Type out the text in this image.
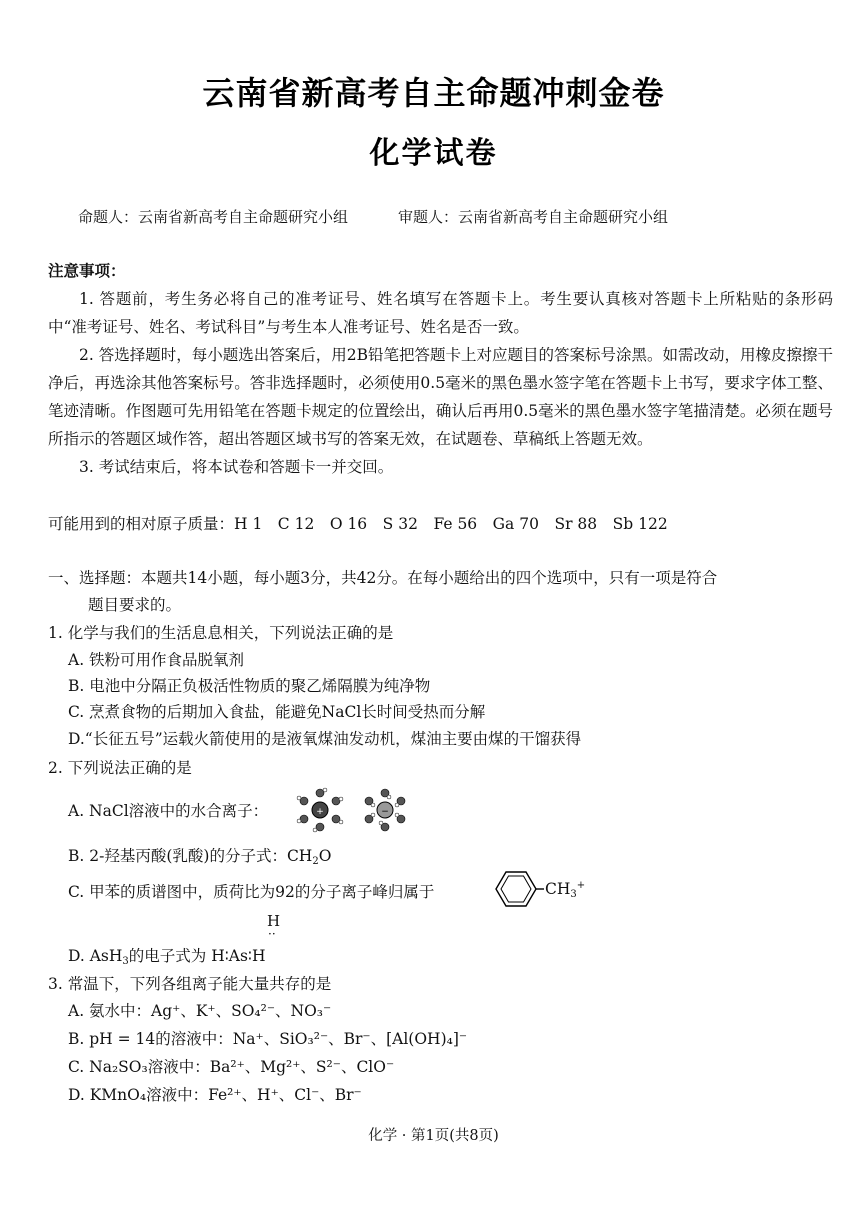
云南省新高考自主命题冲刺金卷
化学试卷
命题人：云南省新高考自主命题研究小组	审题人：云南省新高考自主命题研究小组
注意事项：
1. 答题前，考生务必将自己的准考证号、姓名填写在答题卡上。考生要认真核对答题卡上所粘贴的条形码中“准考证号、姓名、考试科目”与考生本人准考证号、姓名是否一致。
2. 答选择题时，每小题选出答案后，用2B铅笔把答题卡上对应题目的答案标号涂黑。如需改动，用橡皮擦擦干净后，再选涂其他答案标号。答非选择题时，必须使用0.5毫米的黑色墨水签字笔在答题卡上书写，要求字体工整、笔迹清晰。作图题可先用铅笔在答题卡规定的位置绘出，确认后再用0.5毫米的黑色墨水签字笔描清楚。必须在题号所指示的答题区域作答，超出答题区域书写的答案无效，在试题卷、草稿纸上答题无效。
3. 考试结束后，将本试卷和答题卡一并交回。
可能用到的相对原子质量：H 1　C 12　O 16　S 32　Fe 56　Ga 70　Sr 88　Sb 122
一、选择题：本题共14小题，每小题3分，共42分。在每小题给出的四个选项中，只有一项是符合
题目要求的。
1. 化学与我们的生活息息相关，下列说法正确的是
A. 铁粉可用作食品脱氧剂
B. 电池中分隔正负极活性物质的聚乙烯隔膜为纯净物
C. 烹煮食物的后期加入食盐，能避免NaCl长时间受热而分解
D.“长征五号”运载火箭使用的是液氧煤油发动机，煤油主要由煤的干馏获得
2. 下列说法正确的是
A. NaCl溶液中的水合离子：	+	−
B. 2-羟基丙酸(乳酸)的分子式：$CH_2O$
C. 甲苯的质谱图中，质荷比为92的分子离子峰归属于	$CH_3^+$
H
··
D. AsH$_3$的电子式为 H∶As∶H
3. 常温下，下列各组离子能大量共存的是
A. 氨水中：Ag⁺、K⁺、SO₄²⁻、NO₃⁻
B. pH = 14的溶液中：Na⁺、SiO₃²⁻、Br⁻、[Al(OH)₄]⁻
C. Na₂SO₃溶液中：Ba²⁺、Mg²⁺、S²⁻、ClO⁻
D. KMnO₄溶液中：Fe²⁺、H⁺、Cl⁻、Br⁻
化学 · 第1页(共8页)
